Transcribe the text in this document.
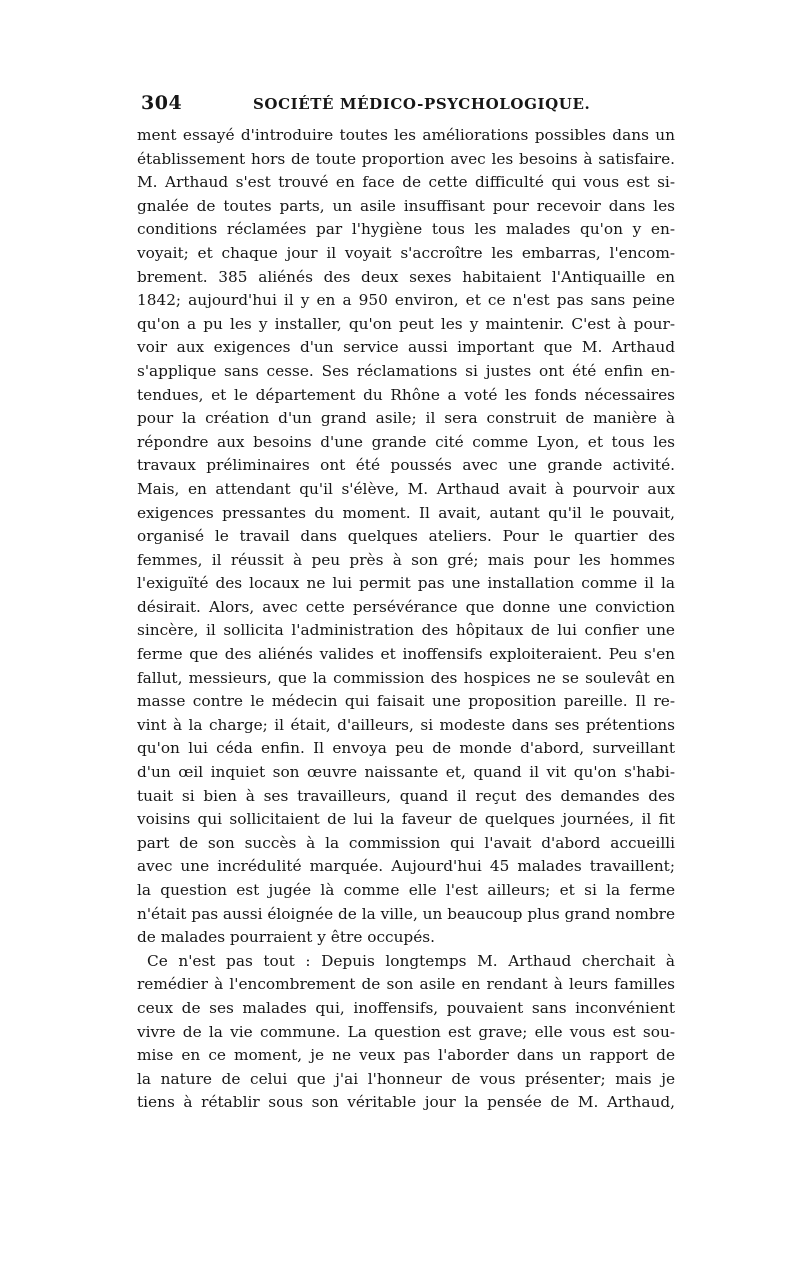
304	SOCIÉTÉ MÉDICO-PSYCHOLOGIQUE.
ment essayé d'introduire toutes les améliorations possibles dans un
établissement hors de toute proportion avec les besoins à satisfaire.
M. Arthaud s'est trouvé en face de cette difficulté qui vous est si-
gnalée de toutes parts, un asile insuffisant pour recevoir dans les
conditions réclamées par l'hygiène tous les malades qu'on y en-
voyait; et chaque jour il voyait s'accroître les embarras, l'encom-
brement. 385 aliénés des deux sexes habitaient l'Antiquaille en
1842; aujourd'hui il y en a 950 environ, et ce n'est pas sans peine
qu'on a pu les y installer, qu'on peut les y maintenir. C'est à pour-
voir aux exigences d'un service aussi important que M. Arthaud
s'applique sans cesse. Ses réclamations si justes ont été enfin en-
tendues, et le département du Rhône a voté les fonds nécessaires
pour la création d'un grand asile; il sera construit de manière à
répondre aux besoins d'une grande cité comme Lyon, et tous les
travaux préliminaires ont été poussés avec une grande activité.
Mais, en attendant qu'il s'élève, M. Arthaud avait à pourvoir aux
exigences pressantes du moment. Il avait, autant qu'il le pouvait,
organisé le travail dans quelques ateliers. Pour le quartier des
femmes, il réussit à peu près à son gré; mais pour les hommes
l'exiguïté des locaux ne lui permit pas une installation comme il la
désirait. Alors, avec cette persévérance que donne une conviction
sincère, il sollicita l'administration des hôpitaux de lui confier une
ferme que des aliénés valides et inoffensifs exploiteraient. Peu s'en
fallut, messieurs, que la commission des hospices ne se soulevât en
masse contre le médecin qui faisait une proposition pareille. Il re-
vint à la charge; il était, d'ailleurs, si modeste dans ses prétentions
qu'on lui céda enfin. Il envoya peu de monde d'abord, surveillant
d'un œil inquiet son œuvre naissante et, quand il vit qu'on s'habi-
tuait si bien à ses travailleurs, quand il reçut des demandes des
voisins qui sollicitaient de lui la faveur de quelques journées, il fit
part de son succès à la commission qui l'avait d'abord accueilli
avec une incrédulité marquée. Aujourd'hui 45 malades travaillent;
la question est jugée là comme elle l'est ailleurs; et si la ferme
n'était pas aussi éloignée de la ville, un beaucoup plus grand nombre
de malades pourraient y être occupés.
Ce n'est pas tout : Depuis longtemps M. Arthaud cherchait à
remédier à l'encombrement de son asile en rendant à leurs familles
ceux de ses malades qui, inoffensifs, pouvaient sans inconvénient
vivre de la vie commune. La question est grave; elle vous est sou-
mise en ce moment, je ne veux pas l'aborder dans un rapport de
la nature de celui que j'ai l'honneur de vous présenter; mais je
tiens à rétablir sous son véritable jour la pensée de M. Arthaud,
